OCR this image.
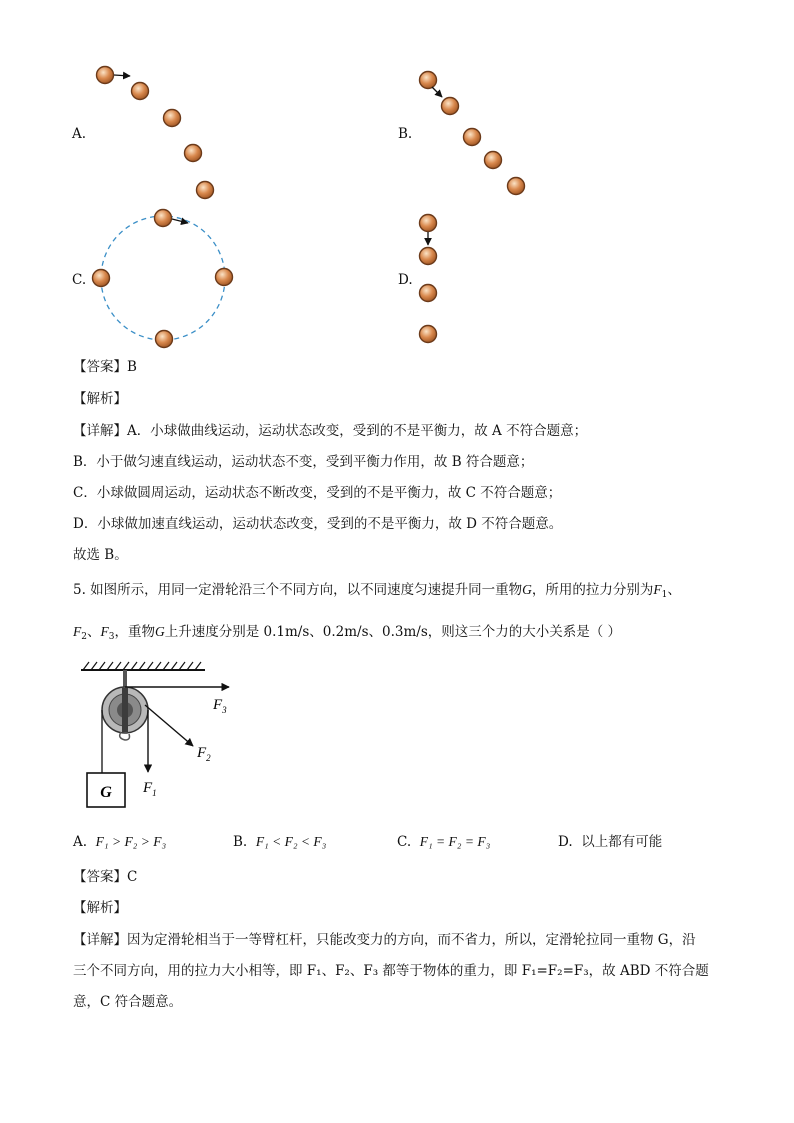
A.	B.
C.	D.
【答案】B
【解析】
【详解】A．小球做曲线运动，运动状态改变，受到的不是平衡力，故 A 不符合题意；
B．小于做匀速直线运动，运动状态不变，受到平衡力作用，故 B 符合题意；
C．小球做圆周运动，运动状态不断改变，受到的不是平衡力，故 C 不符合题意；
D．小球做加速直线运动，运动状态改变，受到的不是平衡力，故 D 不符合题意。
故选 B。
5. 如图所示，用同一定滑轮沿三个不同方向，以不同速度匀速提升同一重物G，所用的拉力分别为$F_1$、
$F_2$、$F_3$，重物G上升速度分别是 0.1m/s、0.2m/s、0.3m/s，则这三个力的大小关系是（ ）
G $F_1$
$F_2$
$F_3$
A. F₁ > F₂ > F₃	B. F₁ < F₂ < F₃	C. F₁ = F₂ = F₃	D. 以上都有可能
【答案】C
【解析】
【详解】因为定滑轮相当于一等臂杠杆，只能改变力的方向，而不省力，所以，定滑轮拉同一重物 G，沿
三个不同方向，用的拉力大小相等，即 F₁、F₂、F₃ 都等于物体的重力，即 F₁=F₂=F₃，故 ABD 不符合题
意，C 符合题意。
